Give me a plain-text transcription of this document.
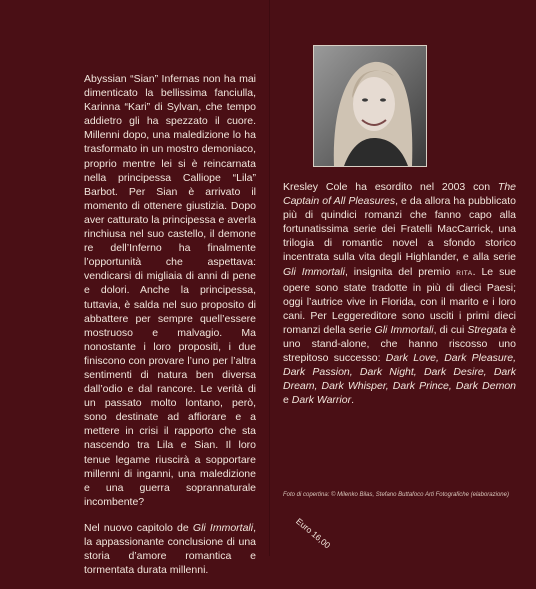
Abyssian “Sian” Infernas non ha mai dimenticato la bellissima fanciulla, Karinna “Kari” di Sylvan, che tempo addietro gli ha spezzato il cuore. Millenni dopo, una maledizione lo ha trasformato in un mostro demoniaco, proprio mentre lei si è reincarnata nella principessa Calliope “Lila” Barbot. Per Sian è arrivato il momento di ottenere giustizia. Dopo aver catturato la principessa e averla rinchiusa nel suo castello, il demone re dell’Inferno ha finalmente l’opportunità che aspettava: vendicarsi di migliaia di anni di pene e dolori. Anche la principessa, tuttavia, è salda nel suo proposito di abbattere per sempre quell’essere mostruoso e malvagio. Ma nonostante i loro propositi, i due finiscono con provare l’uno per l’altra sentimenti di natura ben diversa dall’odio e dal rancore. Le verità di un passato molto lontano, però, sono destinate ad affiorare e a mettere in crisi il rapporto che sta nascendo tra Lila e Sian. Il loro tenue legame riuscirà a sopportare millenni di inganni, una maledizione e una guerra soprannaturale incombente?

Nel nuovo capitolo de Gli Immortali, la appassionante conclusione di una storia d’amore romantica e tormentata durata millenni.

Kresley Cole ha esordito nel 2003 con The Captain of All Pleasures, e da allora ha pubblicato più di quindici romanzi che fanno capo alla fortunatissima serie dei Fratelli MacCarrick, una trilogia di romantic novel a sfondo storico incentrata sulla vita degli Highlander, e alla serie Gli Immortali, insignita del premio RITA. Le sue opere sono state tradotte in più di dieci Paesi; oggi l’autrice vive in Florida, con il marito e i loro cani. Per Leggereditore sono usciti i primi dieci romanzi della serie Gli Immortali, di cui Stregata è uno stand-alone, che hanno riscosso uno strepitoso successo: Dark Love, Dark Pleasure, Dark Passion, Dark Night, Dark Desire, Dark Dream, Dark Whisper, Dark Prince, Dark Demon e Dark Warrior.

Foto di copertina: © Milenko Bilas, Stefano Buttafoco Arti Fotografiche (elaborazione)
Euro 16,00
